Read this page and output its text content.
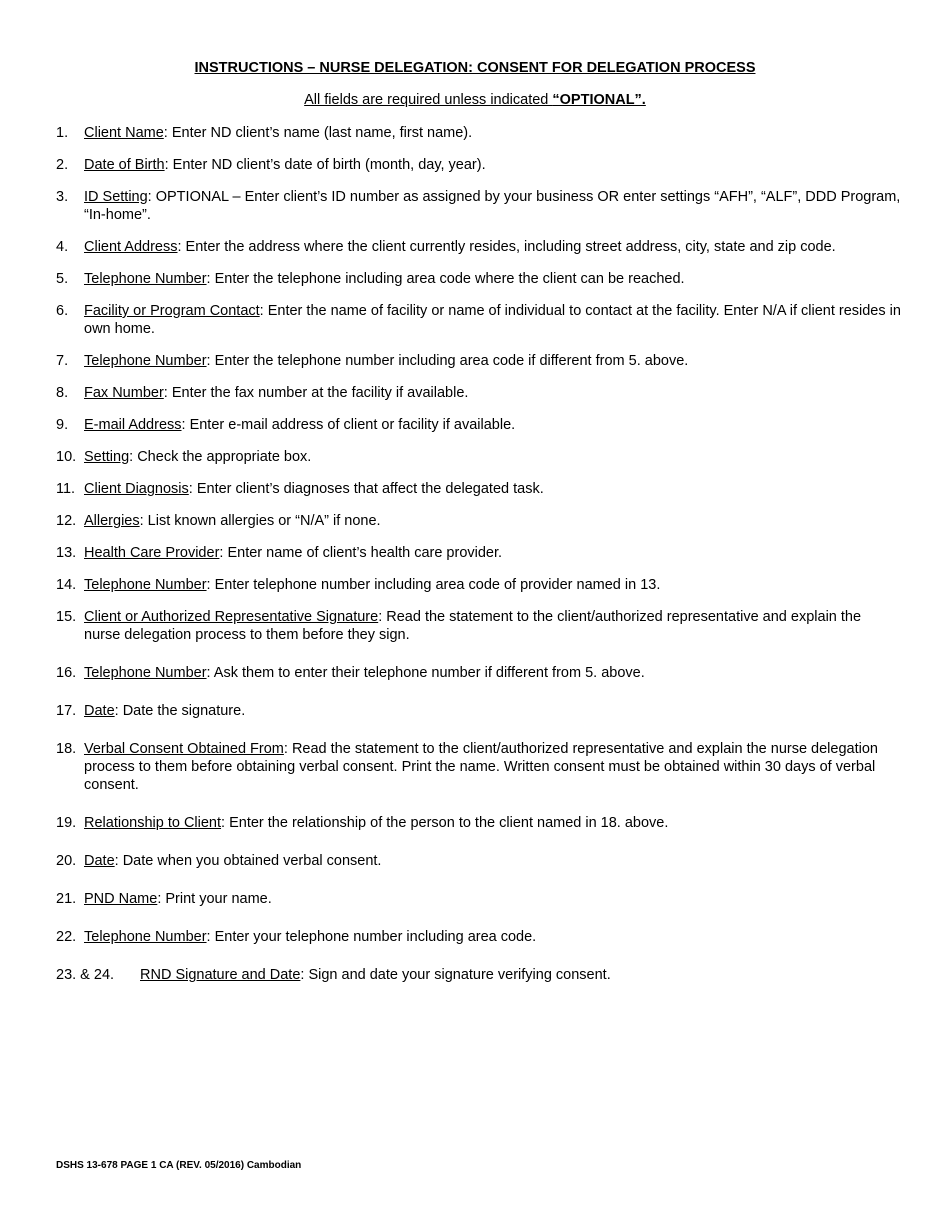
INSTRUCTIONS – NURSE DELEGATION: CONSENT FOR DELEGATION PROCESS
All fields are required unless indicated “OPTIONAL”.
1. Client Name: Enter ND client’s name (last name, first name).
2. Date of Birth: Enter ND client’s date of birth (month, day, year).
3. ID Setting: OPTIONAL – Enter client’s ID number as assigned by your business OR enter settings “AFH”, “ALF”, DDD Program, “In-home”.
4. Client Address: Enter the address where the client currently resides, including street address, city, state and zip code.
5. Telephone Number: Enter the telephone including area code where the client can be reached.
6. Facility or Program Contact: Enter the name of facility or name of individual to contact at the facility. Enter N/A if client resides in own home.
7. Telephone Number: Enter the telephone number including area code if different from 5. above.
8. Fax Number: Enter the fax number at the facility if available.
9. E-mail Address: Enter e-mail address of client or facility if available.
10. Setting: Check the appropriate box.
11. Client Diagnosis: Enter client’s diagnoses that affect the delegated task.
12. Allergies: List known allergies or “N/A” if none.
13. Health Care Provider: Enter name of client’s health care provider.
14. Telephone Number: Enter telephone number including area code of provider named in 13.
15. Client or Authorized Representative Signature: Read the statement to the client/authorized representative and explain the nurse delegation process to them before they sign.
16. Telephone Number: Ask them to enter their telephone number if different from 5. above.
17. Date: Date the signature.
18. Verbal Consent Obtained From: Read the statement to the client/authorized representative and explain the nurse delegation process to them before obtaining verbal consent. Print the name. Written consent must be obtained within 30 days of verbal consent.
19. Relationship to Client: Enter the relationship of the person to the client named in 18. above.
20. Date: Date when you obtained verbal consent.
21. PND Name: Print your name.
22. Telephone Number: Enter your telephone number including area code.
23. & 24. RND Signature and Date: Sign and date your signature verifying consent.
DSHS 13-678 PAGE 1 CA (REV. 05/2016) Cambodian
